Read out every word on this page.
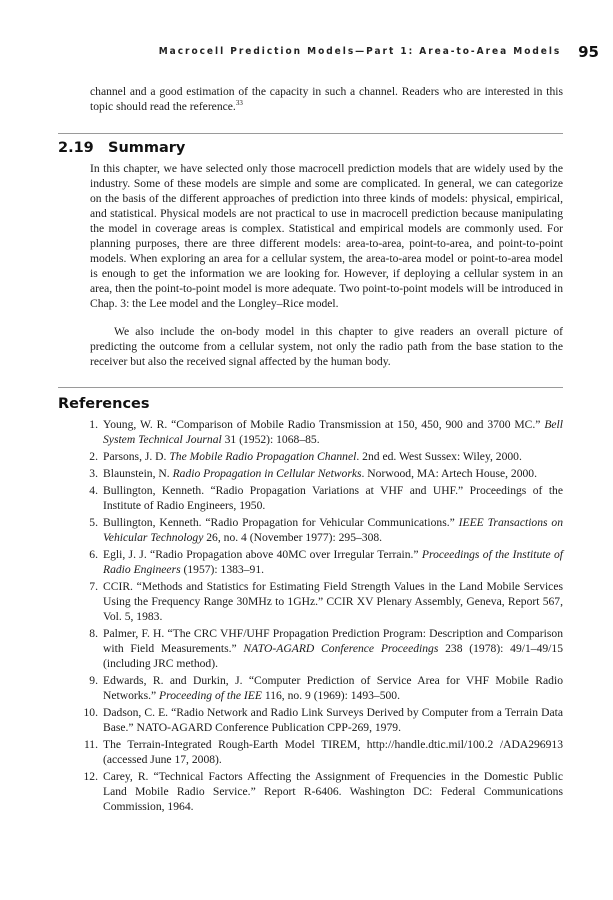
Macrocell Prediction Models—Part 1: Area-to-Area Models 95

channel and a good estimation of the capacity in such a channel. Readers who are interested in this topic should read the reference.$^{33}$

2.19 Summary

In this chapter, we have selected only those macrocell prediction models that are widely used by the industry. Some of these models are simple and some are complicated. In general, we can categorize on the basis of the different approaches of prediction into three kinds of models: physical, empirical, and statistical. Physical models are not practical to use in macrocell prediction because manipulating the model in coverage areas is complex. Statistical and empirical models are commonly used. For planning purposes, there are three different models: area-to-area, point-to-area, and point-to-point models. When exploring an area for a cellular system, the area-to-area model or point-to-area model is enough to get the information we are looking for. However, if deploying a cellular system in an area, then the point-to-point model is more adequate. Two point-to-point models will be introduced in Chap. 3: the Lee model and the Longley–Rice model.

We also include the on-body model in this chapter to give readers an overall picture of predicting the outcome from a cellular system, not only the radio path from the base station to the receiver but also the received signal affected by the human body.

References
1. Young, W. R. “Comparison of Mobile Radio Transmission at 150, 450, 900 and 3700 MC.” Bell System Technical Journal 31 (1952): 1068–85.
2. Parsons, J. D. The Mobile Radio Propagation Channel. 2nd ed. West Sussex: Wiley, 2000.
3. Blaunstein, N. Radio Propagation in Cellular Networks. Norwood, MA: Artech House, 2000.
4. Bullington, Kenneth. “Radio Propagation Variations at VHF and UHF.” Proceedings of the Institute of Radio Engineers, 1950.
5. Bullington, Kenneth. “Radio Propagation for Vehicular Communications.” IEEE Transactions on Vehicular Technology 26, no. 4 (November 1977): 295–308.
6. Egli, J. J. “Radio Propagation above 40MC over Irregular Terrain.” Proceedings of the Institute of Radio Engineers (1957): 1383–91.
7. CCIR. “Methods and Statistics for Estimating Field Strength Values in the Land Mobile Services Using the Frequency Range 30MHz to 1GHz.” CCIR XV Plenary Assembly, Geneva, Report 567, Vol. 5, 1983.
8. Palmer, F. H. “The CRC VHF/UHF Propagation Prediction Program: Description and Comparison with Field Measurements.” NATO-AGARD Conference Proceedings 238 (1978): 49/1–49/15 (including JRC method).
9. Edwards, R. and Durkin, J. “Computer Prediction of Service Area for VHF Mobile Radio Networks.” Proceeding of the IEE 116, no. 9 (1969): 1493–500.
10. Dadson, C. E. “Radio Network and Radio Link Surveys Derived by Computer from a Terrain Data Base.” NATO-AGARD Conference Publication CPP-269, 1979.
11. The Terrain-Integrated Rough-Earth Model TIREM, http://handle.dtic.mil/100.2 /ADA296913 (accessed June 17, 2008).
12. Carey, R. “Technical Factors Affecting the Assignment of Frequencies in the Domestic Public Land Mobile Radio Service.” Report R-6406. Washington DC: Federal Communications Commission, 1964.
